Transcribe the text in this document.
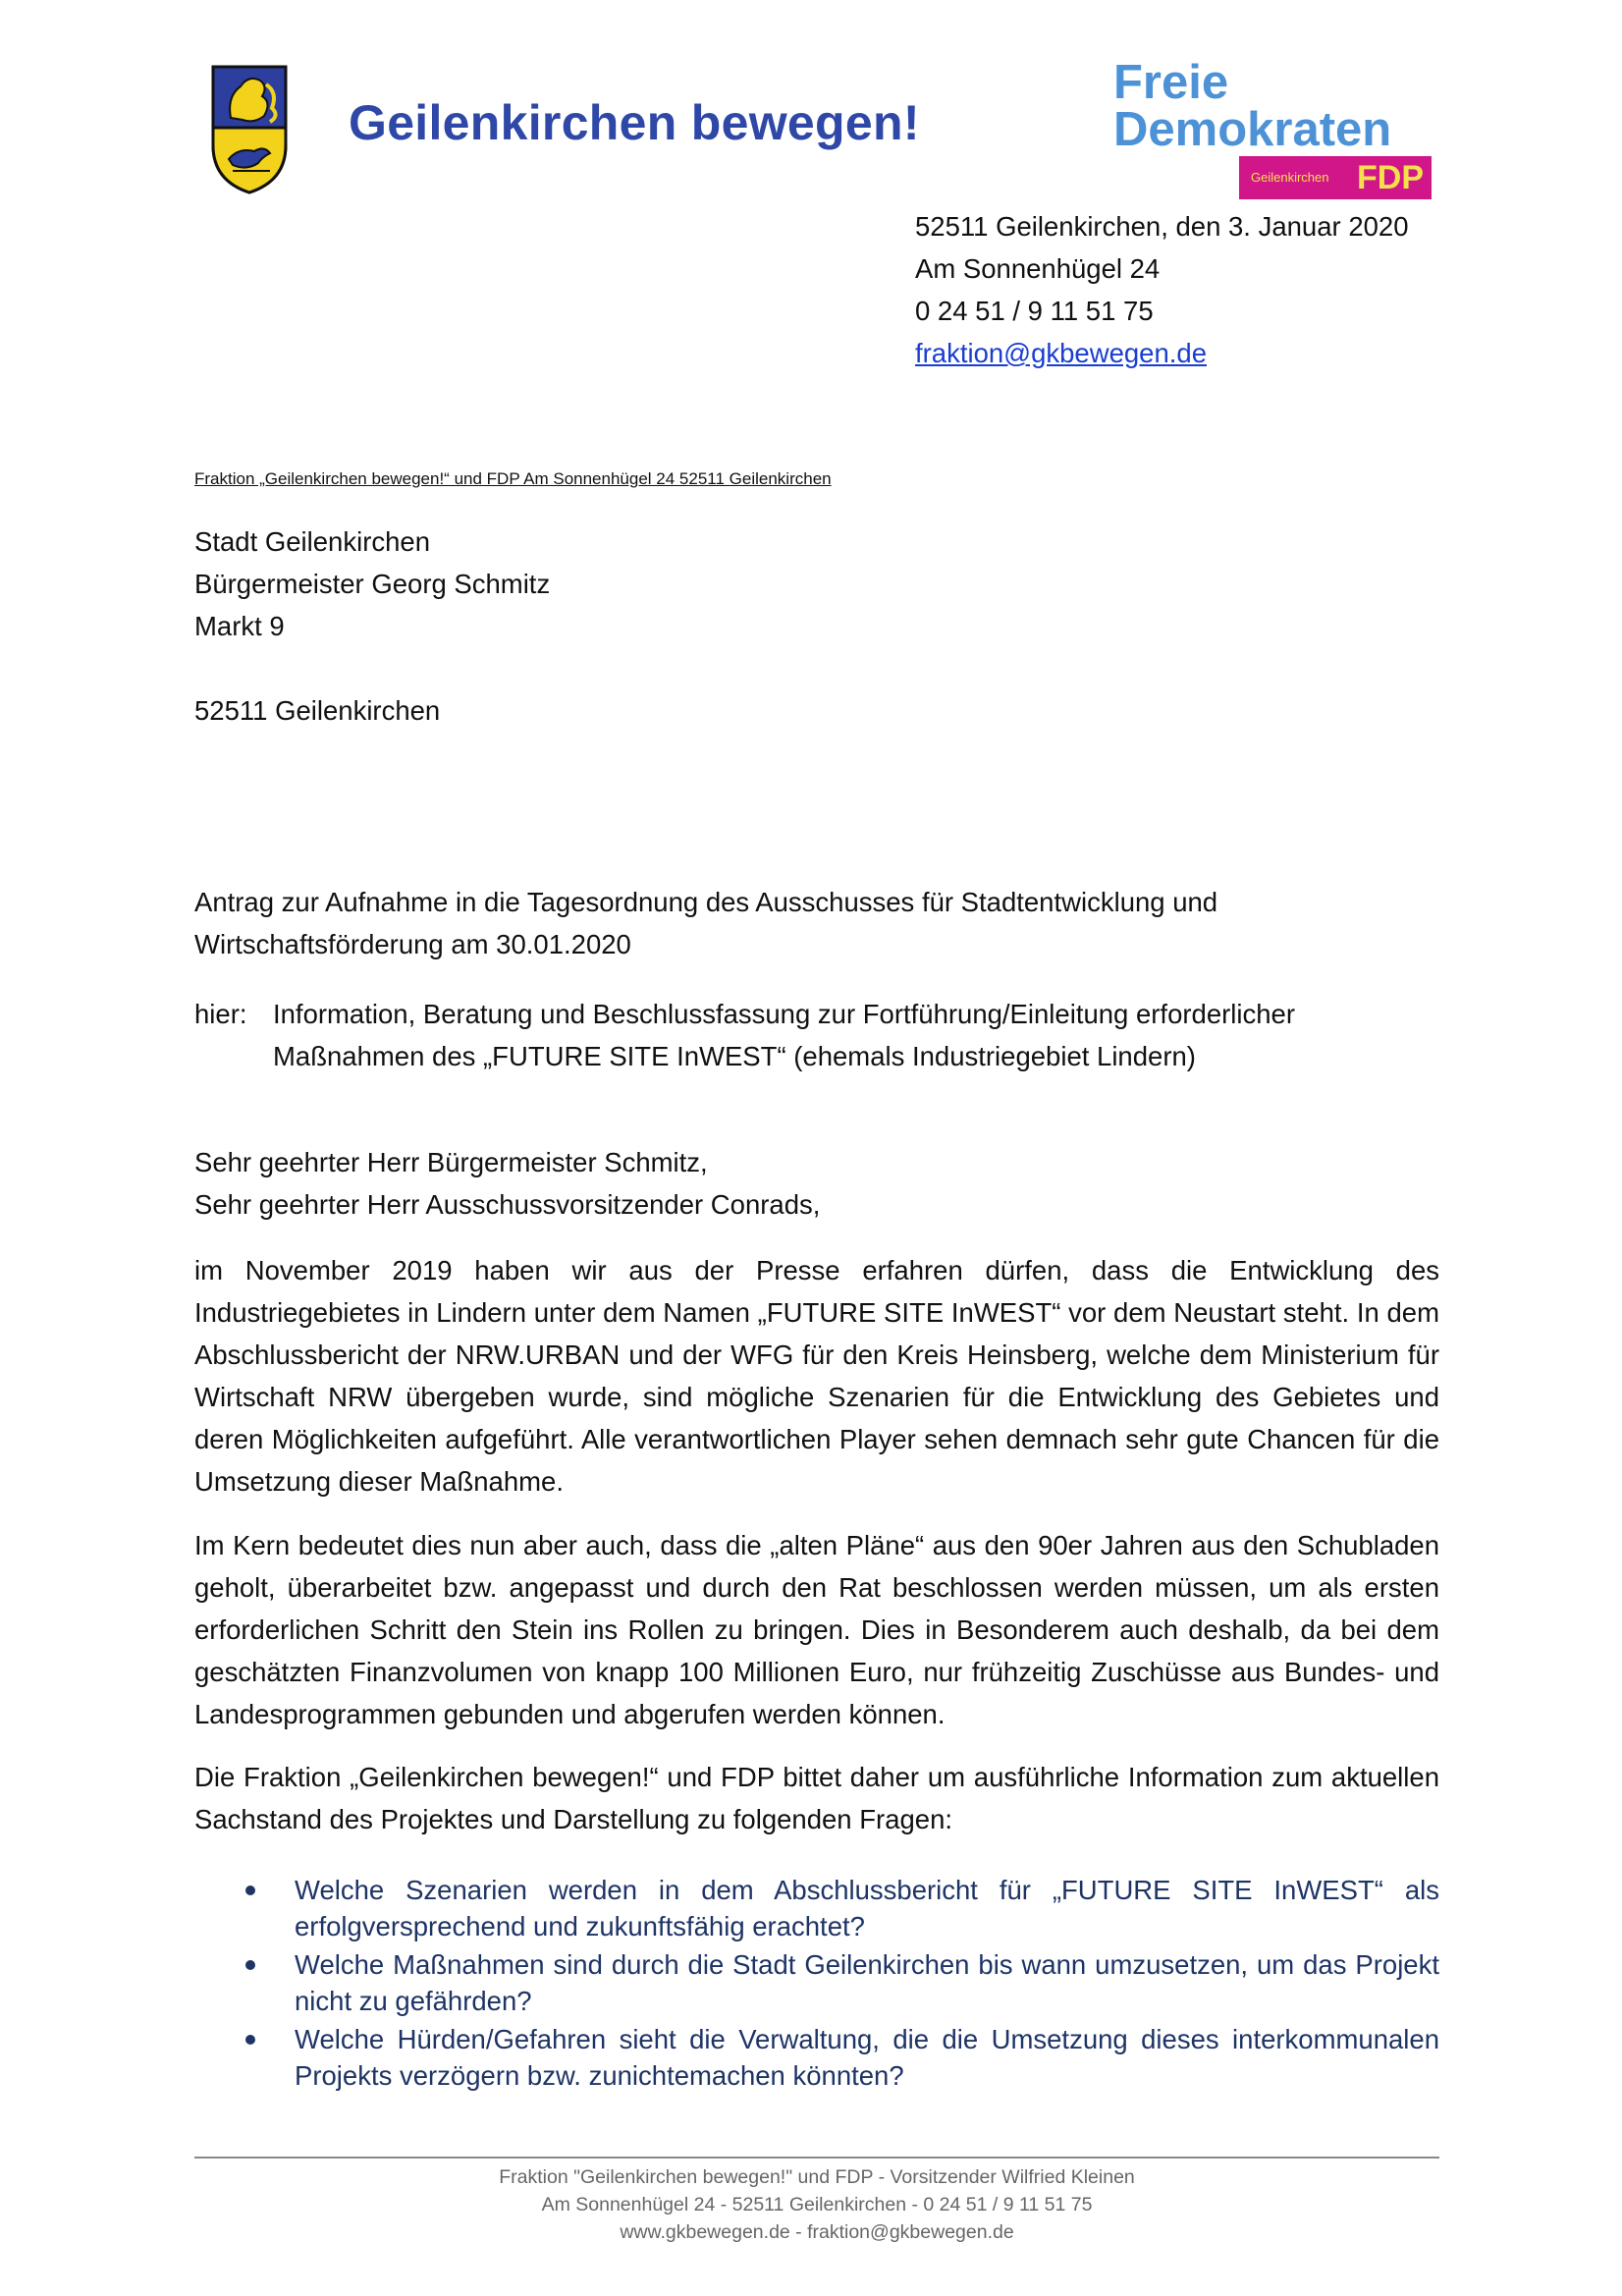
Geilenkirchen bewegen!
Freie
Demokraten
Geilenkirchen FDP
52511 Geilenkirchen, den 3. Januar 2020
Am Sonnenhügel 24
0 24 51 / 9 11 51 75
fraktion@gkbewegen.de
Fraktion „Geilenkirchen bewegen!“ und FDP Am Sonnenhügel 24 52511 Geilenkirchen
Stadt Geilenkirchen
Bürgermeister Georg Schmitz
Markt 9
52511 Geilenkirchen
Antrag zur Aufnahme in die Tagesordnung des Ausschusses für Stadtentwicklung und Wirtschaftsförderung am 30.01.2020
hier: Information, Beratung und Beschlussfassung zur Fortführung/Einleitung erforderlicher Maßnahmen des „FUTURE SITE InWEST“ (ehemals Industriegebiet Lindern)
Sehr geehrter Herr Bürgermeister Schmitz,
Sehr geehrter Herr Ausschussvorsitzender Conrads,
im November 2019 haben wir aus der Presse erfahren dürfen, dass die Entwicklung des Industriegebietes in Lindern unter dem Namen „FUTURE SITE InWEST“ vor dem Neustart steht. In dem Abschlussbericht der NRW.URBAN und der WFG für den Kreis Heinsberg, welche dem Ministerium für Wirtschaft NRW übergeben wurde, sind mögliche Szenarien für die Entwicklung des Gebietes und deren Möglichkeiten aufgeführt. Alle verantwortlichen Player sehen demnach sehr gute Chancen für die Umsetzung dieser Maßnahme.
Im Kern bedeutet dies nun aber auch, dass die „alten Pläne“ aus den 90er Jahren aus den Schubladen geholt, überarbeitet bzw. angepasst und durch den Rat beschlossen werden müssen, um als ersten erforderlichen Schritt den Stein ins Rollen zu bringen. Dies in Besonderem auch deshalb, da bei dem geschätzten Finanzvolumen von knapp 100 Millionen Euro, nur frühzeitig Zuschüsse aus Bundes- und Landesprogrammen gebunden und abgerufen werden können.
Die Fraktion „Geilenkirchen bewegen!“ und FDP bittet daher um ausführliche Information zum aktuellen Sachstand des Projektes und Darstellung zu folgenden Fragen:
Welche Szenarien werden in dem Abschlussbericht für „FUTURE SITE InWEST“ als erfolgversprechend und zukunftsfähig erachtet?
Welche Maßnahmen sind durch die Stadt Geilenkirchen bis wann umzusetzen, um das Projekt nicht zu gefährden?
Welche Hürden/Gefahren sieht die Verwaltung, die die Umsetzung dieses interkommunalen Projekts verzögern bzw. zunichtemachen könnten?
Fraktion "Geilenkirchen bewegen!" und FDP - Vorsitzender Wilfried Kleinen
Am Sonnenhügel 24 - 52511 Geilenkirchen - 0 24 51 / 9 11 51 75
www.gkbewegen.de - fraktion@gkbewegen.de
